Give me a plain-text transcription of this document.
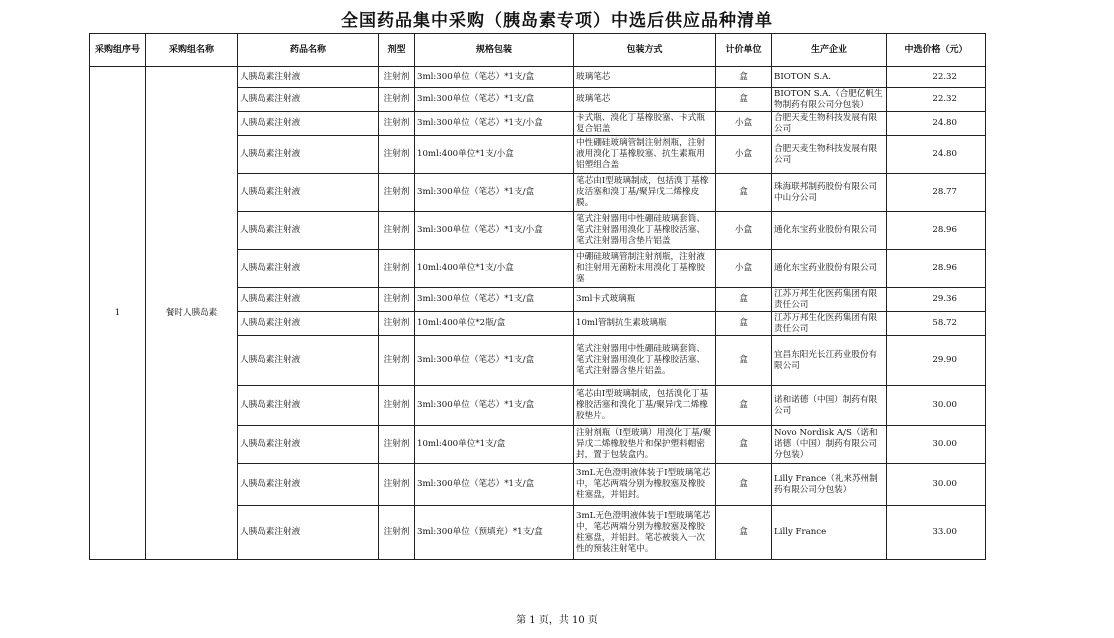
全国药品集中采购（胰岛素专项）中选后供应品种清单
采购组序号	采购组名称	药品名称	剂型	规格包装	包装方式	计价单位	生产企业	中选价格（元）
1	餐时人胰岛素	人胰岛素注射液	注射剂	3ml:300单位（笔芯）*1支/盒	玻璃笔芯	盒	BIOTON S.A.	22.32
		人胰岛素注射液	注射剂	3ml:300单位（笔芯）*1支/盒	玻璃笔芯	盒	BIOTON S.A.（合肥亿帆生物制药有限公司分包装）	22.32
		人胰岛素注射液	注射剂	3ml:300单位（笔芯）*1支/小盒	卡式瓶、溴化丁基橡胶塞、卡式瓶复合铝盖	小盒	合肥天麦生物科技发展有限公司	24.80
		人胰岛素注射液	注射剂	10ml:400单位*1支/小盒	中性硼硅玻璃管制注射剂瓶，注射液用溴化丁基橡胶塞、抗生素瓶用铝塑组合盖	小盒	合肥天麦生物科技发展有限公司	24.80
		人胰岛素注射液	注射剂	3ml:300单位（笔芯）*1支/盒	笔芯由I型玻璃制成，包括溴丁基橡皮活塞和溴丁基/聚异戊二烯橡皮膜。	盒	珠海联邦制药股份有限公司中山分公司	28.77
		人胰岛素注射液	注射剂	3ml:300单位（笔芯）*1支/小盒	笔式注射器用中性硼硅玻璃套筒、笔式注射器用溴化丁基橡胶活塞、笔式注射器用含垫片铝盖	小盒	通化东宝药业股份有限公司	28.96
		人胰岛素注射液	注射剂	10ml:400单位*1支/小盒	中硼硅玻璃管制注射剂瓶，注射液和注射用无菌粉末用溴化丁基橡胶塞	小盒	通化东宝药业股份有限公司	28.96
		人胰岛素注射液	注射剂	3ml:300单位（笔芯）*1支/盒	3ml卡式玻璃瓶	盒	江苏万邦生化医药集团有限责任公司	29.36
		人胰岛素注射液	注射剂	10ml:400单位*2瓶/盒	10ml管制抗生素玻璃瓶	盒	江苏万邦生化医药集团有限责任公司	58.72
		人胰岛素注射液	注射剂	3ml:300单位（笔芯）*1支/盒	笔式注射器用中性硼硅玻璃套筒、笔式注射器用溴化丁基橡胶活塞、笔式注射器含垫片铝盖。	盒	宜昌东阳光长江药业股份有限公司	29.90
		人胰岛素注射液	注射剂	3ml:300单位（笔芯）*1支/盒	笔芯由I型玻璃制成，包括溴化丁基橡胶活塞和溴化丁基/聚异戊二烯橡胶垫片。	盒	诺和诺德（中国）制药有限公司	30.00
		人胰岛素注射液	注射剂	10ml:400单位*1支/盒	注射剂瓶（I型玻璃）用溴化丁基/聚异戊二烯橡胶垫片和保护塑料帽密封，置于包装盒内。	盒	Novo Nordisk A/S（诺和诺德（中国）制药有限公司分包装）	30.00
		人胰岛素注射液	注射剂	3ml:300单位（笔芯）*1支/盒	3mL无色澄明液体装于I型玻璃笔芯中，笔芯两端分别为橡胶塞及橡胶柱塞盘，并铝封。	盒	Lilly France（礼来苏州制药有限公司分包装）	30.00
		人胰岛素注射液	注射剂	3ml:300单位（预填充）*1支/盒	3mL无色澄明液体装于I型玻璃笔芯中，笔芯两端分别为橡胶塞及橡胶柱塞盘，并铝封。笔芯被装入一次性的预装注射笔中。	盒	Lilly France	33.00
第 1 页，共 10 页
